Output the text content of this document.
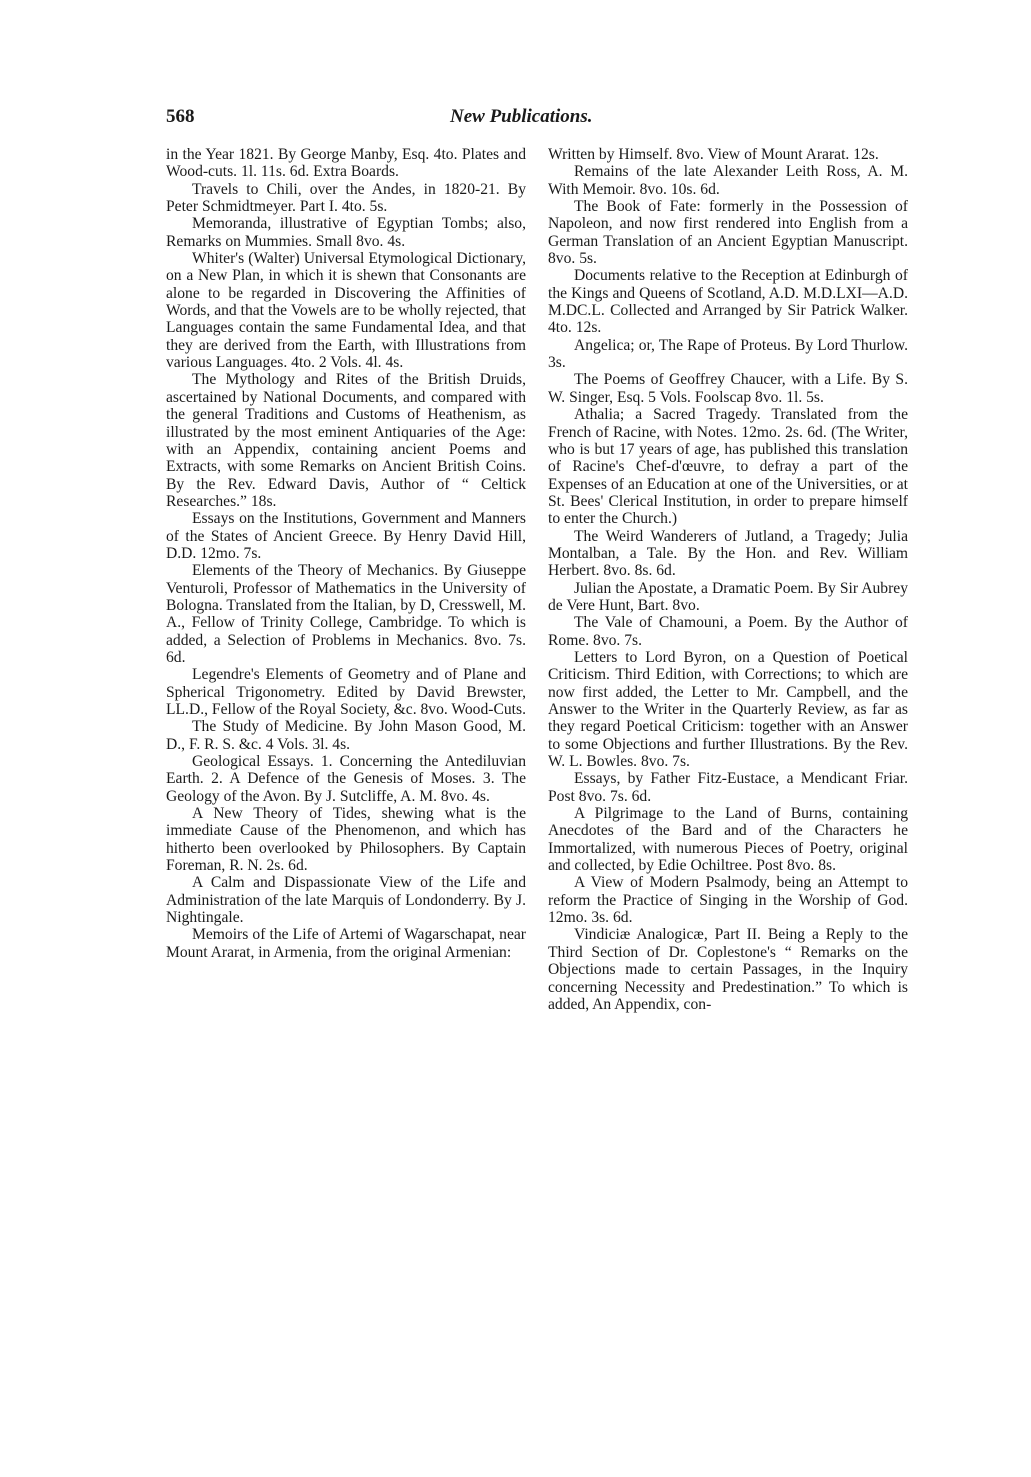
568	New Publications.

in the Year 1821. By George Manby, Esq. 4to. Plates and Wood-cuts. 1l. 11s. 6d. Extra Boards.

Travels to Chili, over the Andes, in 1820-21. By Peter Schmidtmeyer. Part I. 4to. 5s.

Memoranda, illustrative of Egyptian Tombs; also, Remarks on Mummies. Small 8vo. 4s.

Whiter's (Walter) Universal Etymological Dictionary, on a New Plan, in which it is shewn that Consonants are alone to be regarded in Discovering the Affinities of Words, and that the Vowels are to be wholly rejected, that Languages contain the same Fundamental Idea, and that they are derived from the Earth, with Illustrations from various Languages. 4to. 2 Vols. 4l. 4s.

The Mythology and Rites of the British Druids, ascertained by National Documents, and compared with the general Traditions and Customs of Heathenism, as illustrated by the most eminent Antiquaries of the Age: with an Appendix, containing ancient Poems and Extracts, with some Remarks on Ancient British Coins. By the Rev. Edward Davis, Author of “ Celtick Researches.” 18s.

Essays on the Institutions, Government and Manners of the States of Ancient Greece. By Henry David Hill, D.D. 12mo. 7s.

Elements of the Theory of Mechanics. By Giuseppe Venturoli, Professor of Mathematics in the University of Bologna. Translated from the Italian, by D, Cresswell, M. A., Fellow of Trinity College, Cambridge. To which is added, a Selection of Problems in Mechanics. 8vo. 7s. 6d.

Legendre's Elements of Geometry and of Plane and Spherical Trigonometry. Edited by David Brewster, LL.D., Fellow of the Royal Society, &c. 8vo. Wood-Cuts.

The Study of Medicine. By John Mason Good, M. D., F. R. S. &c. 4 Vols. 3l. 4s.

Geological Essays. 1. Concerning the Antediluvian Earth. 2. A Defence of the Genesis of Moses. 3. The Geology of the Avon. By J. Sutcliffe, A. M. 8vo. 4s.

A New Theory of Tides, shewing what is the immediate Cause of the Phenomenon, and which has hitherto been overlooked by Philosophers. By Captain Foreman, R. N. 2s. 6d.

A Calm and Dispassionate View of the Life and Administration of the late Marquis of Londonderry. By J. Nightingale.

Memoirs of the Life of Artemi of Wagarschapat, near Mount Ararat, in Armenia, from the original Armenian:

Written by Himself. 8vo. View of Mount Ararat. 12s.

Remains of the late Alexander Leith Ross, A. M. With Memoir. 8vo. 10s. 6d.

The Book of Fate: formerly in the Possession of Napoleon, and now first rendered into English from a German Translation of an Ancient Egyptian Manuscript. 8vo. 5s.

Documents relative to the Reception at Edinburgh of the Kings and Queens of Scotland, A.D. M.D.LXI—A.D. M.DC.L. Collected and Arranged by Sir Patrick Walker. 4to. 12s.

Angelica; or, The Rape of Proteus. By Lord Thurlow. 3s.

The Poems of Geoffrey Chaucer, with a Life. By S. W. Singer, Esq. 5 Vols. Foolscap 8vo. 1l. 5s.

Athalia; a Sacred Tragedy. Translated from the French of Racine, with Notes. 12mo. 2s. 6d. (The Writer, who is but 17 years of age, has published this translation of Racine's Chef-d'œuvre, to defray a part of the Expenses of an Education at one of the Universities, or at St. Bees' Clerical Institution, in order to prepare himself to enter the Church.)

The Weird Wanderers of Jutland, a Tragedy; Julia Montalban, a Tale. By the Hon. and Rev. William Herbert. 8vo. 8s. 6d.

Julian the Apostate, a Dramatic Poem. By Sir Aubrey de Vere Hunt, Bart. 8vo.

The Vale of Chamouni, a Poem. By the Author of Rome. 8vo. 7s.

Letters to Lord Byron, on a Question of Poetical Criticism. Third Edition, with Corrections; to which are now first added, the Letter to Mr. Campbell, and the Answer to the Writer in the Quarterly Review, as far as they regard Poetical Criticism: together with an Answer to some Objections and further Illustrations. By the Rev. W. L. Bowles. 8vo. 7s.

Essays, by Father Fitz-Eustace, a Mendicant Friar. Post 8vo. 7s. 6d.

A Pilgrimage to the Land of Burns, containing Anecdotes of the Bard and of the Characters he Immortalized, with numerous Pieces of Poetry, original and collected, by Edie Ochiltree. Post 8vo. 8s.

A View of Modern Psalmody, being an Attempt to reform the Practice of Singing in the Worship of God. 12mo. 3s. 6d.

Vindiciæ Analogicæ, Part II. Being a Reply to the Third Section of Dr. Coplestone's “ Remarks on the Objections made to certain Passages, in the Inquiry concerning Necessity and Predestination.” To which is added, An Appendix, con-
